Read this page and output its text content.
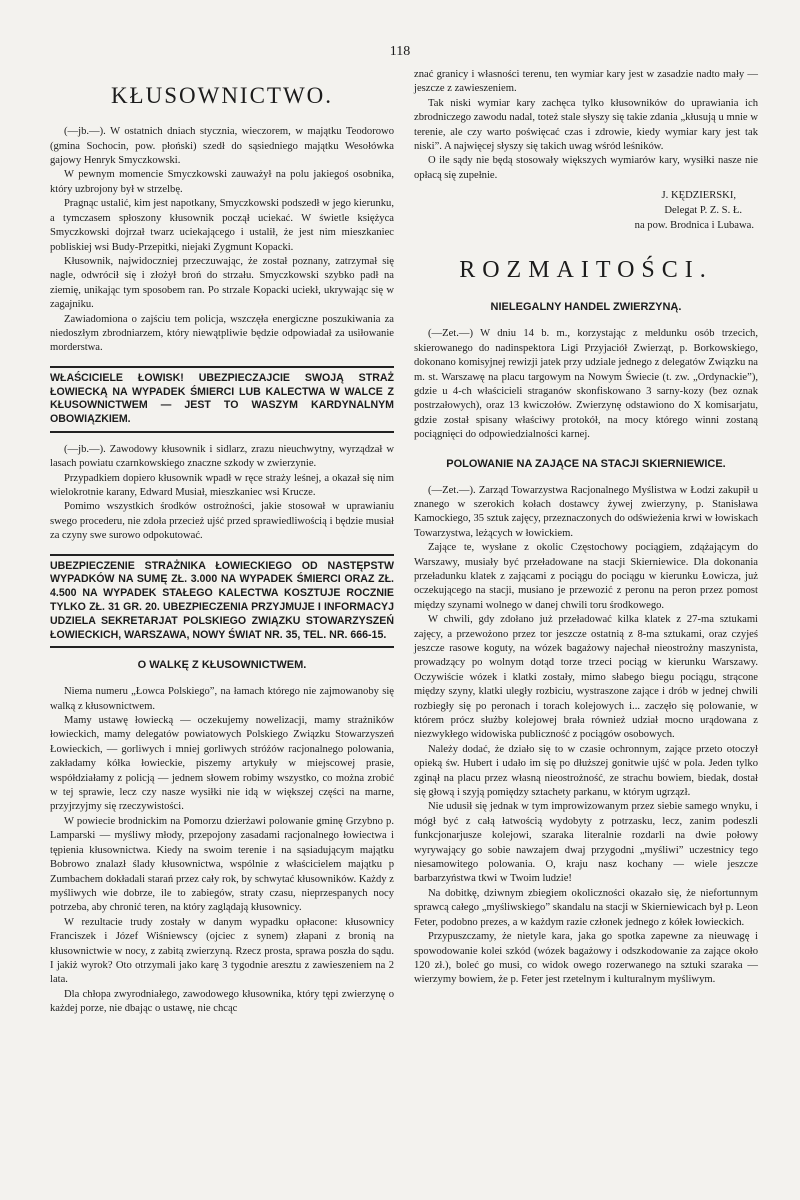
118
KŁUSOWNICTWO.

(—jb.—). W ostatnich dniach stycznia, wieczorem, w majątku Teodorowo (gmina Sochocin, pow. płoński) szedł do sąsiedniego majątku Wesołówka gajowy Henryk Smyczkowski.

W pewnym momencie Smyczkowski zauważył na polu jakiegoś osobnika, który uzbrojony był w strzelbę.

Pragnąc ustalić, kim jest napotkany, Smyczkowski podszedł w jego kierunku, a tymczasem spłoszony kłusownik począł uciekać. W świetle księżyca Smyczkowski dojrzał twarz uciekającego i ustalił, że jest nim mieszkaniec pobliskiej wsi Budy-Przepitki, niejaki Zygmunt Kopacki.

Kłusownik, najwidoczniej przeczuwając, że został poznany, zatrzymał się nagle, odwrócił się i złożył broń do strzału. Smyczkowski szybko padł na ziemię, unikając tym sposobem ran. Po strzale Kopacki uciekł, ukrywając się w zagajniku.

Zawiadomiona o zajściu tem policja, wszczęła energiczne poszukiwania za niedoszłym zbrodniarzem, który niewątpliwie będzie odpowiadał za usiłowanie morderstwa.

WŁAŚCICIELE ŁOWISK! UBEZPIECZAJCIE SWOJĄ STRAŻ ŁOWIECKĄ NA WYPADEK ŚMIERCI LUB KALECTWA W WALCE Z KŁUSOWNICTWEM — JEST TO WASZYM KARDYNALNYM OBOWIĄZKIEM.

(—jb.—). Zawodowy kłusownik i sidlarz, zrazu nieuchwytny, wyrządzał w lasach powiatu czarnkowskiego znaczne szkody w zwierzynie.

Przypadkiem dopiero kłusownik wpadł w ręce straży leśnej, a okazał się nim wielokrotnie karany, Edward Musiał, mieszkaniec wsi Krucze.

Pomimo wszystkich środków ostrożności, jakie stosował w uprawianiu swego procederu, nie zdoła przecież ujść przed sprawiedliwością i będzie musiał za czyny swe surowo odpokutować.

UBEZPIECZENIE STRAŻNIKA ŁOWIECKIEGO OD NASTĘPSTW WYPADKÓW NA SUMĘ ZŁ. 3.000 NA WYPADEK ŚMIERCI ORAZ ZŁ. 4.500 NA WYPADEK STAŁEGO KALECTWA KOSZTUJE ROCZNIE TYLKO ZŁ. 31 GR. 20. UBEZPIECZENIA PRZYJMUJE I INFORMACYJ UDZIELA SEKRETARJAT POLSKIEGO ZWIĄZKU STOWARZYSZEŃ ŁOWIECKICH, WARSZAWA, NOWY ŚWIAT NR. 35, TEL. NR. 666-15.
O WALKĘ Z KŁUSOWNICTWEM.

Niema numeru „Łowca Polskiego”, na łamach którego nie zajmowanoby się walką z kłusownictwem.

Mamy ustawę łowiecką — oczekujemy nowelizacji, mamy strażników łowieckich, mamy delegatów powiatowych Polskiego Związku Stowarzyszeń Łowieckich, — gorliwych i mniej gorliwych stróżów racjonalnego polowania, zakładamy kółka łowieckie, piszemy artykuły w miejscowej prasie, współdziałamy z policją — jednem słowem robimy wszystko, co można zrobić w tej sprawie, lecz czy nasze wysiłki nie idą w większej części na marne, przyjrzyjmy się rzeczywistości.

W powiecie brodnickim na Pomorzu dzierżawi polowanie gminę Grzybno p. Lamparski — myśliwy młody, przepojony zasadami racjonalnego łowiectwa i tępienia kłusownictwa. Kiedy na swoim terenie i na sąsiadującym majątku Bobrowo znalazł ślady kłusownictwa, wspólnie z właścicielem majątku p Zumbachem dokładali starań przez cały rok, by schwytać kłusowników. Każdy z myśliwych wie dobrze, ile to zabiegów, straty czasu, nieprzespanych nocy potrzeba, aby chronić teren, na który zaglądają kłusownicy.

W rezultacie trudy zostały w danym wypadku opłacone: kłusownicy Franciszek i Józef Wiśniewscy (ojciec z synem) złapani z bronią na kłusownictwie w nocy, z zabitą zwierzyną. Rzecz prosta, sprawa poszła do sądu. I jakiż wyrok? Oto otrzymali jako karę 3 tygodnie aresztu z zawieszeniem na 2 lata.

Dla chłopa zwyrodniałego, zawodowego kłusownika, który tępi zwierzynę o każdej porze, nie dbając o ustawę, nie chcąc

znać granicy i własności terenu, ten wymiar kary jest w zasadzie nadto mały — jeszcze z zawieszeniem.

Tak niski wymiar kary zachęca tylko kłusowników do uprawiania ich zbrodniczego zawodu nadal, toteż stale słyszy się takie zdania „kłusują u mnie w terenie, ale czy warto poświęcać czas i zdrowie, kiedy wymiar kary jest tak niski”. A najwięcej słyszy się takich uwag wśród leśników.

O ile sądy nie będą stosowały większych wymiarów kary, wysiłki nasze nie opłacą się zupełnie.

J. KĘDZIERSKI,
Delegat P. Z. S. Ł.
na pow. Brodnica i Lubawa.
ROZMAITOŚCI.
NIELEGALNY HANDEL ZWIERZYNĄ.

(—Zet.—) W dniu 14 b. m., korzystając z meldunku osób trzecich, skierowanego do nadinspektora Ligi Przyjaciół Zwierząt, p. Borkowskiego, dokonano komisyjnej rewizji jatek przy udziale jednego z delegatów Związku na m. st. Warszawę na placu targowym na Nowym Świecie (t. zw. „Ordynackie”), gdzie u 4-ch właścicieli straganów skonfiskowano 3 sarny-kozy (bez oznak postrzałowych), oraz 13 kwiczołów. Zwierzynę odstawiono do X komisarjatu, gdzie został spisany właściwy protokół, na mocy którego winni zostaną pociągnięci do odpowiedzialności karnej.

POLOWANIE NA ZAJĄCE NA STACJI SKIERNIEWICE.

(—Zet.—). Zarząd Towarzystwa Racjonalnego Myślistwa w Łodzi zakupił u znanego w szerokich kołach dostawcy żywej zwierzyny, p. Stanisława Kamockiego, 35 sztuk zajęcy, przeznaczonych do odświeżenia krwi w łowiskach Towarzystwa, leżących w łowickiem.

Zające te, wysłane z okolic Częstochowy pociągiem, zdążającym do Warszawy, musiały być przeładowane na stacji Skierniewice. Dla dokonania przeładunku klatek z zającami z pociągu do pociągu w kierunku Łowicza, już oczekującego na stacji, musiano je przewozić z peronu na peron przez pomost między szynami wolnego w danej chwili toru środkowego.

W chwili, gdy zdołano już przeładować kilka klatek z 27-ma sztukami zajęcy, a przewożono przez tor jeszcze ostatnią z 8-ma sztukami, oraz czyjeś jeszcze rasowe koguty, na wózek bagażowy najechał nieostrożny maszynista, prowadzący po wolnym dotąd torze trzeci pociąg w kierunku Warszawy. Oczywiście wózek i klatki zostały, mimo słabego biegu pociągu, strącone między szyny, klatki uległy rozbiciu, wystraszone zające i drób w jednej chwili rozbiegły się po peronach i torach kolejowych i... zaczęło się polowanie, w którem prócz służby kolejowej brała również udział mocno urądowana z niezwykłego widowiska publiczność z pociągów osobowych.

Należy dodać, że działo się to w czasie ochronnym, zające przeto otoczył opieką św. Hubert i udało im się po dłuższej gonitwie ujść w pola. Jeden tylko zginął na placu przez własną nieostrożność, ze strachu bowiem, biedak, dostał się głową i szyją pomiędzy sztachety parkanu, w którym ugrzązł.

Nie udusił się jednak w tym improwizowanym przez siebie samego wnyku, i mógł być z całą łatwością wydobyty z potrzasku, lecz, zanim podeszli funkcjonarjusze kolejowi, szaraka literalnie rozdarli na dwie połowy wyrywający go sobie nawzajem dwaj przygodni „myśliwi” uczestnicy tego niesamowitego polowania. O, kraju nasz kochany — wiele jeszcze barbarzyństwa tkwi w Twoim ludzie!

Na dobitkę, dziwnym zbiegiem okoliczności okazało się, że niefortunnym sprawcą całego „myśliwskiego” skandalu na stacji w Skierniewicach był p. Leon Feter, podobno prezes, a w każdym razie członek jednego z kółek łowieckich.

Przypuszczamy, że nietyle kara, jaka go spotka zapewne za nieuwagę i spowodowanie kolei szkód (wózek bagażowy i odszkodowanie za zające około 120 zł.), boleć go musi, co widok owego rozerwanego na sztuki szaraka — wierzymy bowiem, że p. Feter jest rzetelnym i kulturalnym myśliwym.
